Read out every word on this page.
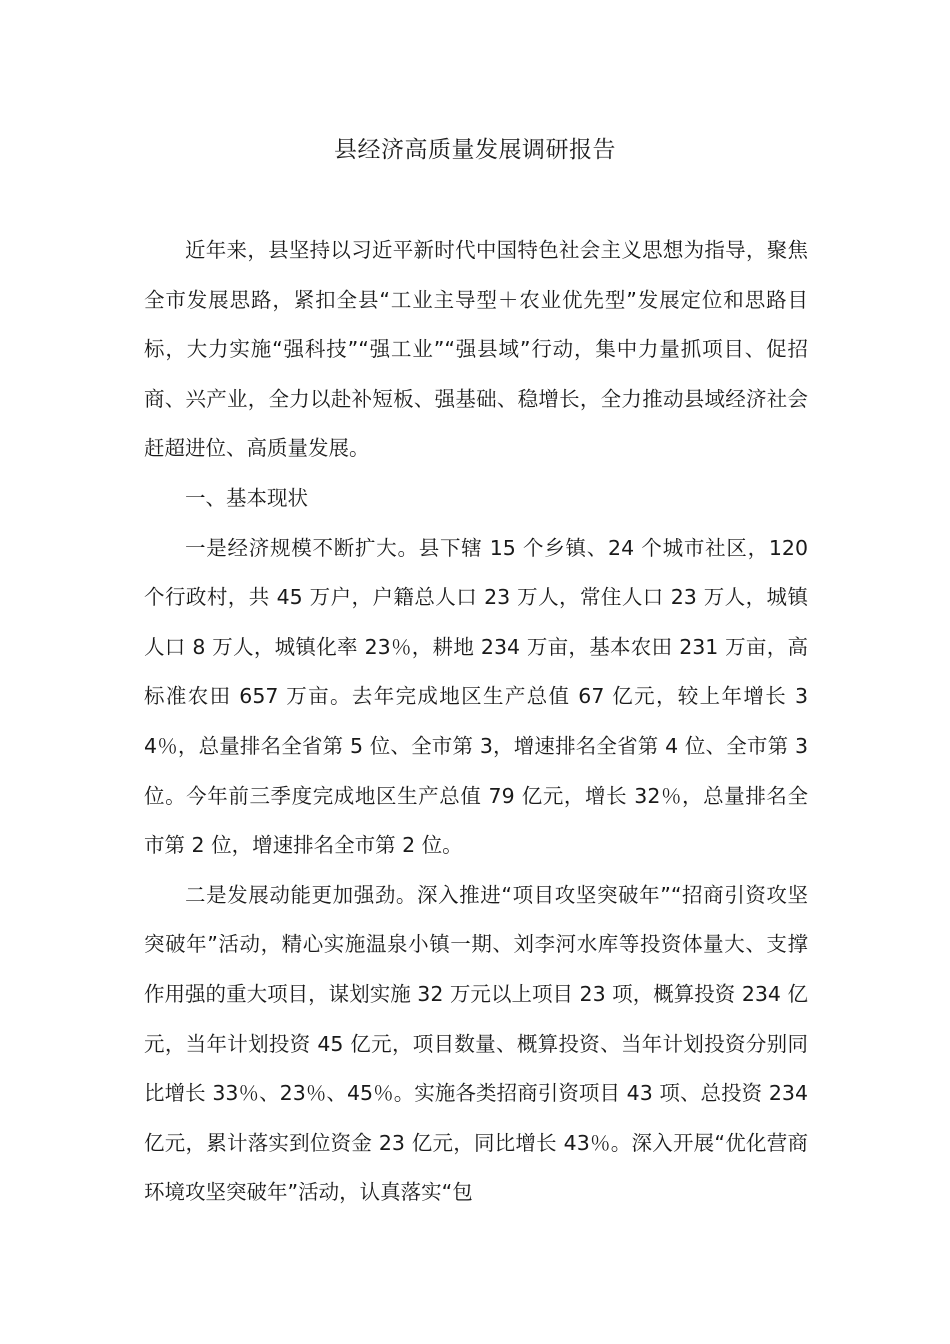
县经济高质量发展调研报告

近年来，县坚持以习近平新时代中国特色社会主义思想为指导，聚焦全市发展思路，紧扣全县“工业主导型＋农业优先型”发展定位和思路目标，大力实施“强科技”“强工业”“强县域”行动，集中力量抓项目、促招商、兴产业，全力以赴补短板、强基础、稳增长，全力推动县域经济社会赶超进位、高质量发展。

一、基本现状

一是经济规模不断扩大。县下辖 15 个乡镇、24 个城市社区，120 个行政村，共 45 万户，户籍总人口 23 万人，常住人口 23 万人，城镇人口 8 万人，城镇化率 23％，耕地 234 万亩，基本农田 231 万亩，高标准农田 657 万亩。去年完成地区生产总值 67 亿元，较上年增长 34％，总量排名全省第 5 位、全市第 3，增速排名全省第 4 位、全市第 3 位。今年前三季度完成地区生产总值 79 亿元，增长 32％，总量排名全市第 2 位，增速排名全市第 2 位。

二是发展动能更加强劲。深入推进“项目攻坚突破年”“招商引资攻坚突破年”活动，精心实施温泉小镇一期、刘李河水库等投资体量大、支撑作用强的重大项目，谋划实施 32 万元以上项目 23 项，概算投资 234 亿元，当年计划投资 45 亿元，项目数量、概算投资、当年计划投资分别同比增长 33％、23％、45％。实施各类招商引资项目 43 项、总投资 234 亿元，累计落实到位资金 23 亿元，同比增长 43％。深入开展“优化营商环境攻坚突破年”活动，认真落实“包
